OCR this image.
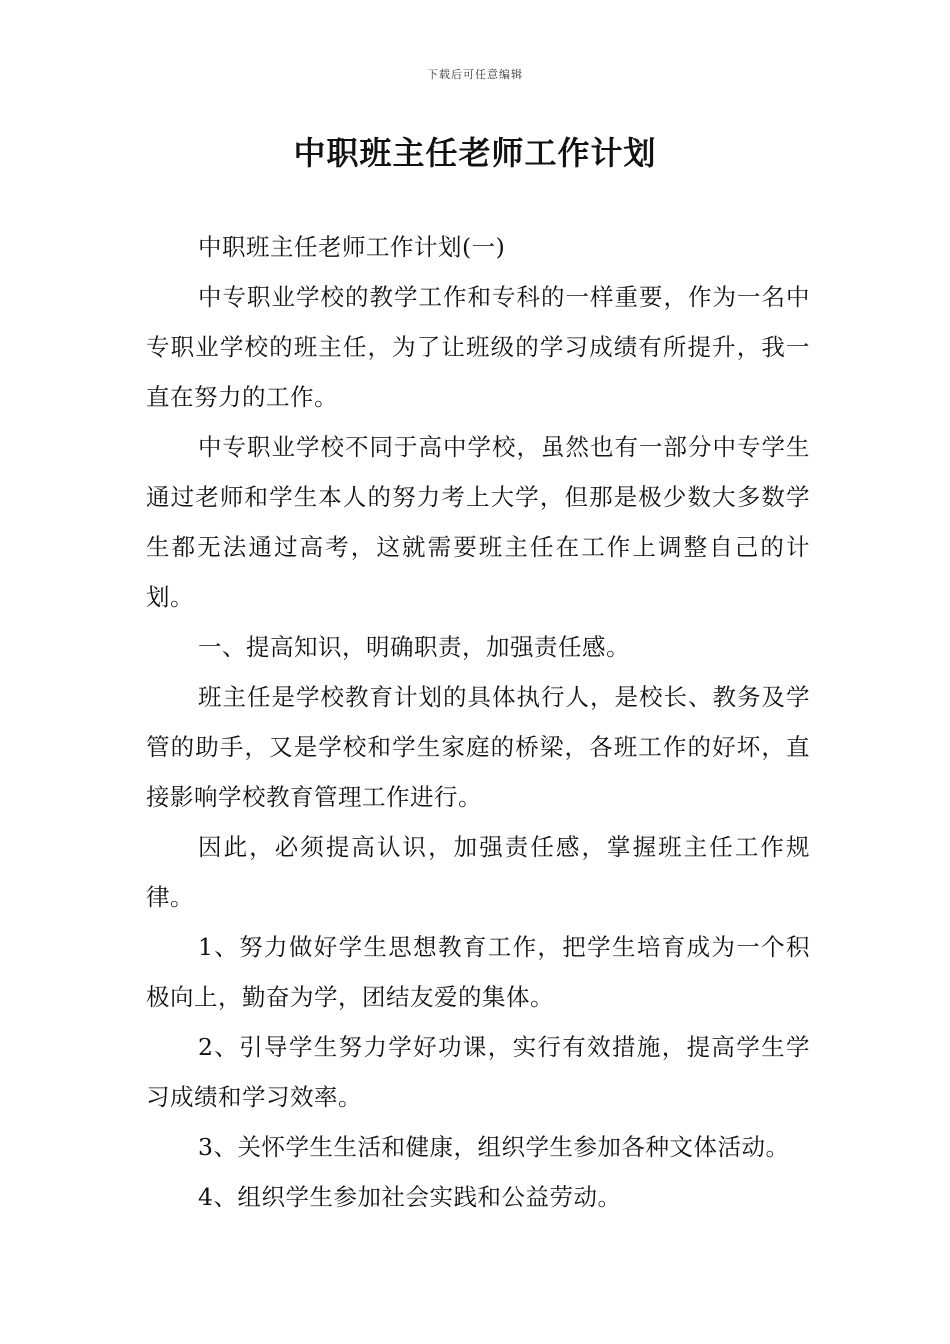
下载后可任意编辑
中职班主任老师工作计划

中职班主任老师工作计划(一)

中专职业学校的教学工作和专科的一样重要，作为一名中专职业学校的班主任，为了让班级的学习成绩有所提升，我一直在努力的工作。

中专职业学校不同于高中学校，虽然也有一部分中专学生通过老师和学生本人的努力考上大学，但那是极少数大多数学生都无法通过高考，这就需要班主任在工作上调整自己的计划。

一、提高知识，明确职责，加强责任感。

班主任是学校教育计划的具体执行人，是校长、教务及学管的助手，又是学校和学生家庭的桥梁，各班工作的好坏，直接影响学校教育管理工作进行。

因此，必须提高认识，加强责任感，掌握班主任工作规律。

1、努力做好学生思想教育工作，把学生培育成为一个积极向上，勤奋为学，团结友爱的集体。

2、引导学生努力学好功课，实行有效措施，提高学生学习成绩和学习效率。

3、关怀学生生活和健康，组织学生参加各种文体活动。

4、组织学生参加社会实践和公益劳动。
